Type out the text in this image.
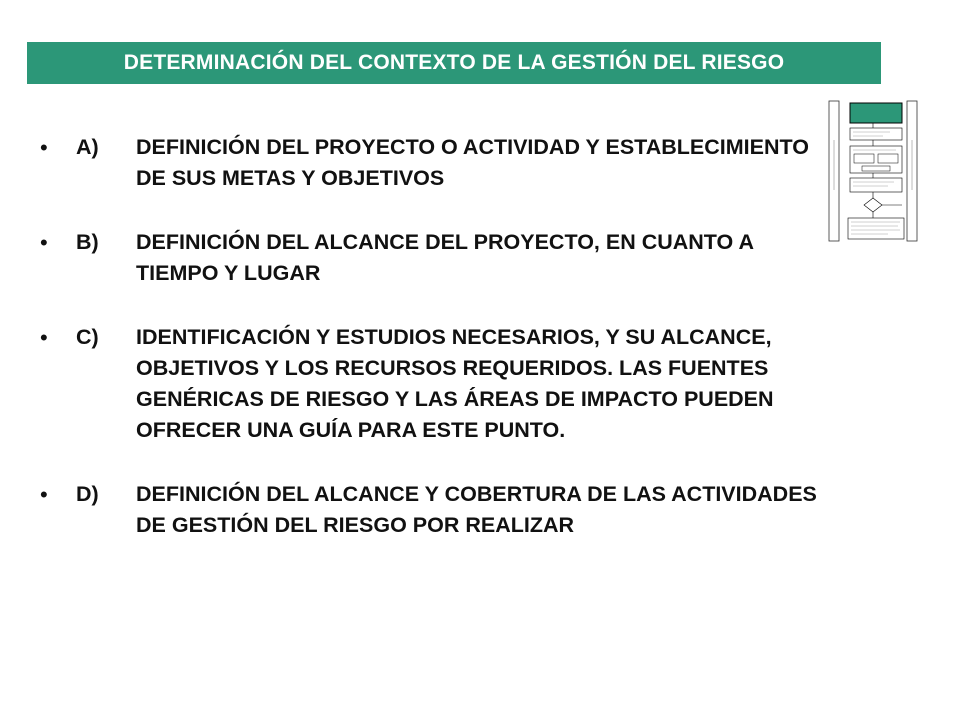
DETERMINACIÓN DEL CONTEXTO DE LA GESTIÓN DEL RIESGO
•	A)	DEFINICIÓN DEL PROYECTO O ACTIVIDAD Y ESTABLECIMIENTO DE SUS METAS Y OBJETIVOS
•	B)	DEFINICIÓN DEL ALCANCE DEL PROYECTO, EN CUANTO A TIEMPO Y LUGAR
•	C)	IDENTIFICACIÓN Y ESTUDIOS NECESARIOS, Y SU ALCANCE, OBJETIVOS Y LOS RECURSOS REQUERIDOS. LAS FUENTES GENÉRICAS DE RIESGO Y LAS ÁREAS DE IMPACTO PUEDEN OFRECER UNA GUÍA PARA ESTE PUNTO.
•	D)	DEFINICIÓN DEL ALCANCE Y COBERTURA DE LAS ACTIVIDADES DE GESTIÓN DEL RIESGO POR REALIZAR
